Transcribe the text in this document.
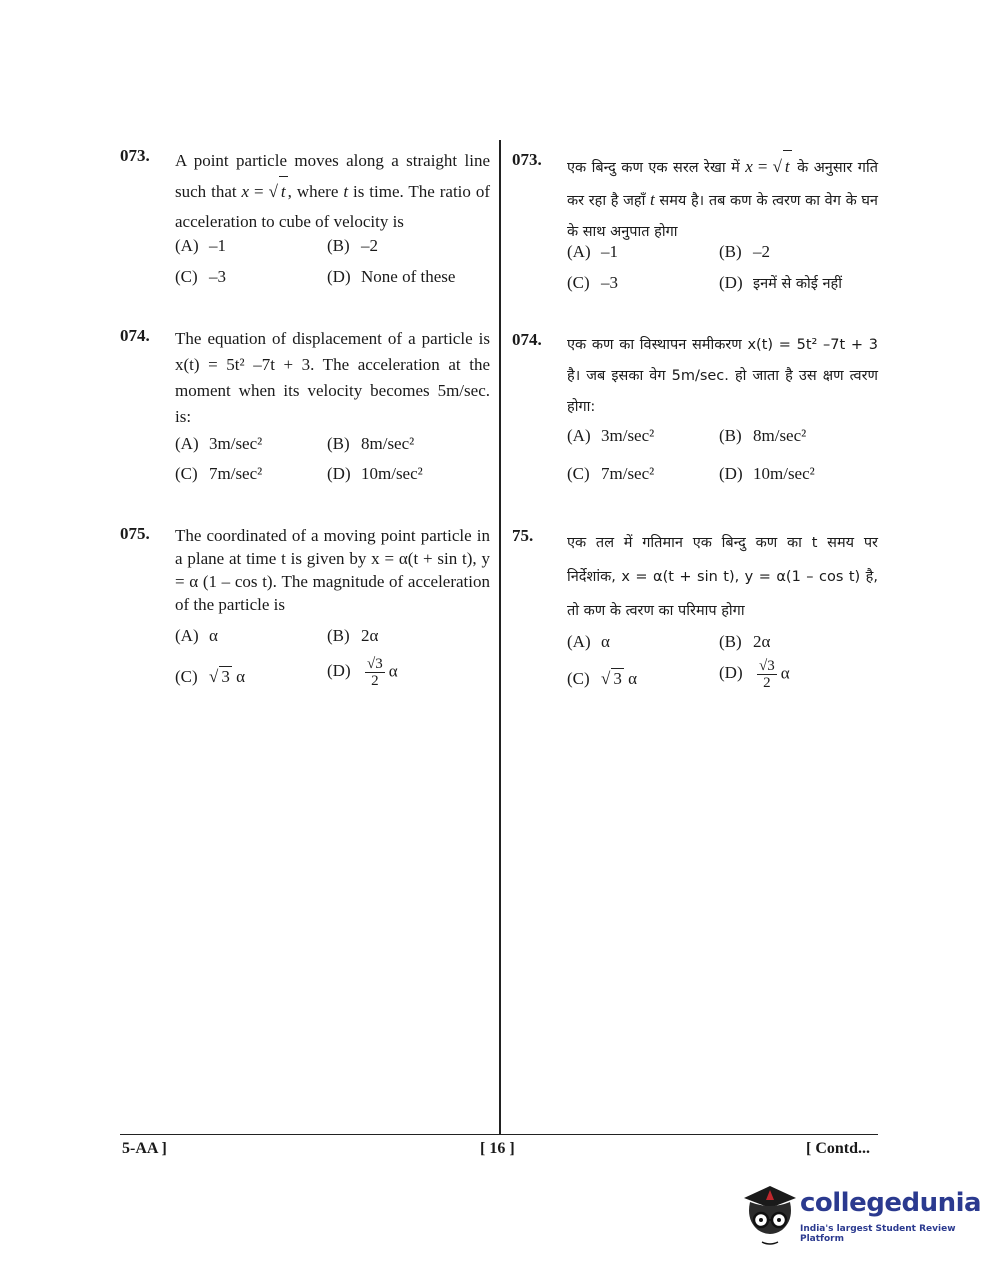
073. A point particle moves along a straight line such that x = √ t , where t is time. The ratio of acceleration to cube of velocity is
(A) –1	(B) –2
(C) –3	(D) None of these
074. The equation of displacement of a particle is x(t) = 5t² –7t + 3. The acceleration at the moment when its velocity becomes 5m/sec. is:
(A) 3m/sec²	(B) 8m/sec²
(C) 7m/sec²	(D) 10m/sec²
075. The coordinated of a moving point particle in a plane at time t is given by x = α(t + sin t), y = α (1 – cos t). The magnitude of acceleration of the particle is
(A) α	(B) 2α
(C) √ 3 α	$(D) \frac{√3}{2}$ α
073. एक बिन्दु कण एक सरल रेखा में x = √ t के अनुसार गति कर रहा है जहाँ t समय है। तब कण के त्वरण का वेग के घन के साथ अनुपात होगा
(A) –1	(B) –2
(C) –3	(D) इनमें से कोई नहीं
074. एक कण का विस्थापन समीकरण x(t) = 5t² –7t + 3 है। जब इसका वेग 5m/sec. हो जाता है उस क्षण त्वरण होगा:
(A) 3m/sec²	(B) 8m/sec²
(C) 7m/sec²	(D) 10m/sec²
75. एक तल में गतिमान एक बिन्दु कण का t समय पर निर्देशांक, x = α(t + sin t), y = α(1 – cos t) है, तो कण के त्वरण का परिमाप होगा
(A) α	(B) 2α
(C) √ 3 α	$(D) \frac{√3}{2}$ α
5-AA ]	[ 16 ]	[ Contd...
collegedunia
India's largest Student Review Platform
